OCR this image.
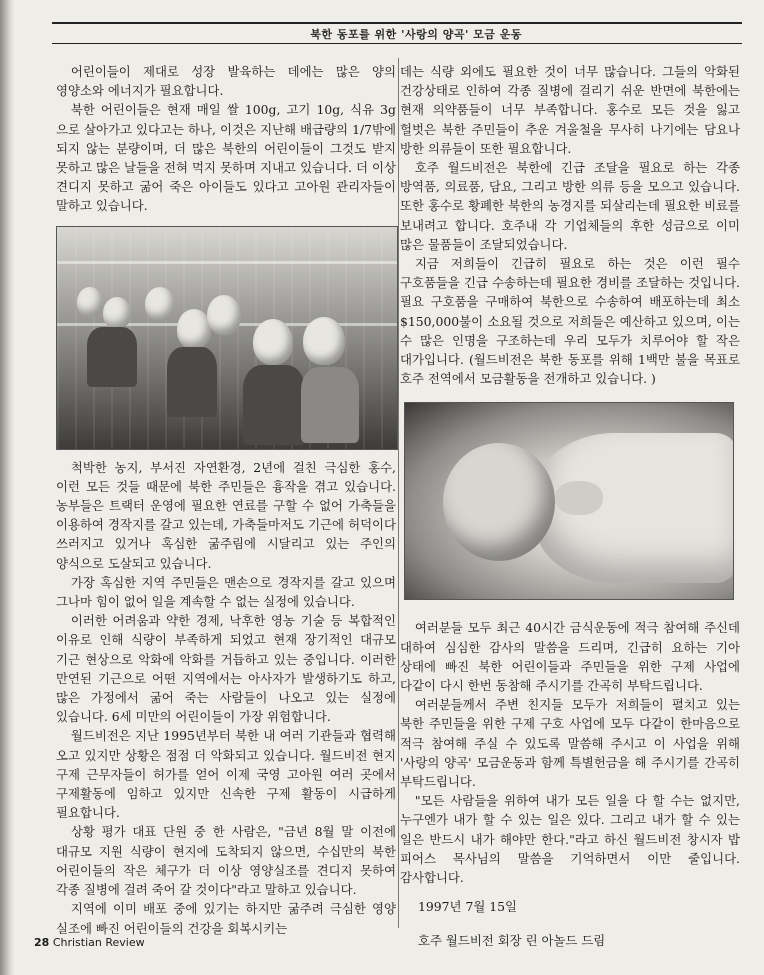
북한 동포를 위한 '사랑의 양곡' 모금 운동

어린이들이 제대로 성장 발육하는 데에는 많은 양의 영양소와 에너지가 필요합니다.

북한 어린이들은 현재 매일 쌀 100g, 고기 10g, 식유 3g 으로 살아가고 있다고는 하나, 이것은 지난해 배급량의 1/7밖에 되지 않는 분량이며, 더 많은 북한의 어린이들이 그것도 받지 못하고 많은 날들을 전혀 먹지 못하며 지내고 있습니다. 더 이상 견디지 못하고 굶어 죽은 아이들도 있다고 고아원 관리자들이 말하고 있습니다.

척박한 농지, 부서진 자연환경, 2년에 걸친 극심한 홍수, 이런 모든 것들 때문에 북한 주민들은 흉작을 겪고 있습니다. 농부들은 트랙터 운영에 필요한 연료를 구할 수 없어 가축들을 이용하여 경작지를 갈고 있는데, 가축들마저도 기근에 허덕이다 쓰러지고 있거나 혹심한 굶주림에 시달리고 있는 주인의 양식으로 도살되고 있습니다.

가장 혹심한 지역 주민들은 맨손으로 경작지를 갈고 있으며 그나마 힘이 없어 일을 계속할 수 없는 실정에 있습니다.

이러한 어려움과 약한 경제, 낙후한 영농 기술 등 복합적인 이유로 인해 식량이 부족하게 되었고 현재 장기적인 대규모 기근 현상으로 악화에 악화를 거듭하고 있는 중입니다. 이러한 만연된 기근으로 어떤 지역에서는 아사자가 발생하기도 하고, 많은 가정에서 굶어 죽는 사람들이 나오고 있는 실정에 있습니다. 6세 미만의 어린이들이 가장 위험합니다.

월드비전은 지난 1995년부터 북한 내 여러 기관들과 협력해 오고 있지만 상황은 점점 더 악화되고 있습니다. 월드비전 현지 구제 근무자들이 허가를 얻어 이제 국영 고아원 여러 곳에서 구제활동에 임하고 있지만 신속한 구제 활동이 시급하게 필요합니다.

상황 평가 대표 단원 중 한 사람은, "금년 8월 말 이전에 대규모 지원 식량이 현지에 도착되지 않으면, 수십만의 북한 어린이들의 작은 체구가 더 이상 영양실조를 견디지 못하여 각종 질병에 걸려 죽어 갈 것이다"라고 말하고 있습니다.

지역에 이미 배포 중에 있기는 하지만 굶주려 극심한 영양 실조에 빠진 어린이들의 건강을 회복시키는

데는 식량 외에도 필요한 것이 너무 많습니다. 그들의 악화된 건강상태로 인하여 각종 질병에 걸리기 쉬운 반면에 북한에는 현재 의약품들이 너무 부족합니다. 홍수로 모든 것을 잃고 헐벗은 북한 주민들이 추운 겨울철을 무사히 나기에는 담요나 방한 의류들이 또한 필요합니다.

호주 월드비전은 북한에 긴급 조달을 필요로 하는 각종 방역품, 의료품, 담요, 그리고 방한 의류 등을 모으고 있습니다. 또한 홍수로 황폐한 북한의 농경지를 되살리는데 필요한 비료를 보내려고 합니다. 호주내 각 기업체들의 후한 성금으로 이미 많은 물품들이 조달되었습니다.

지금 저희들이 긴급히 필요로 하는 것은 이런 필수 구호품들을 긴급 수송하는데 필요한 경비를 조달하는 것입니다. 필요 구호품을 구매하여 북한으로 수송하여 배포하는데 최소 $150,000불이 소요될 것으로 저희들은 예산하고 있으며, 이는 수 많은 인명을 구조하는데 우리 모두가 치루어야 할 작은 대가입니다. (월드비전은 북한 동포를 위해 1백만 불을 목표로 호주 전역에서 모금활동을 전개하고 있습니다. )

여러분들 모두 최근 40시간 금식운동에 적극 참여해 주신데 대하여 심심한 감사의 말씀을 드리며, 긴급히 요하는 기아 상태에 빠진 북한 어린이들과 주민들을 위한 구제 사업에 다같이 다시 한번 동참해 주시기를 간곡히 부탁드립니다.

여러분들께서 주변 친지들 모두가 저희들이 펼치고 있는 북한 주민들을 위한 구제 구호 사업에 모두 다같이 한마음으로 적극 참여해 주실 수 있도록 말씀해 주시고 이 사업을 위해 '사랑의 양곡' 모금운동과 함께 특별헌금을 해 주시기를 간곡히 부탁드립니다.

"모든 사람들을 위하여 내가 모든 일을 다 할 수는 없지만, 누구엔가 내가 할 수 있는 일은 있다. 그리고 내가 할 수 있는 일은 반드시 내가 해야만 한다."라고 하신 월드비전 창시자 밥 피어스 목사님의 말씀을 기억하면서 이만 줄입니다. 감사합니다.

1997년 7월 15일

호주 월드비전 회장 린 아놀드 드림

28 Christian Review
